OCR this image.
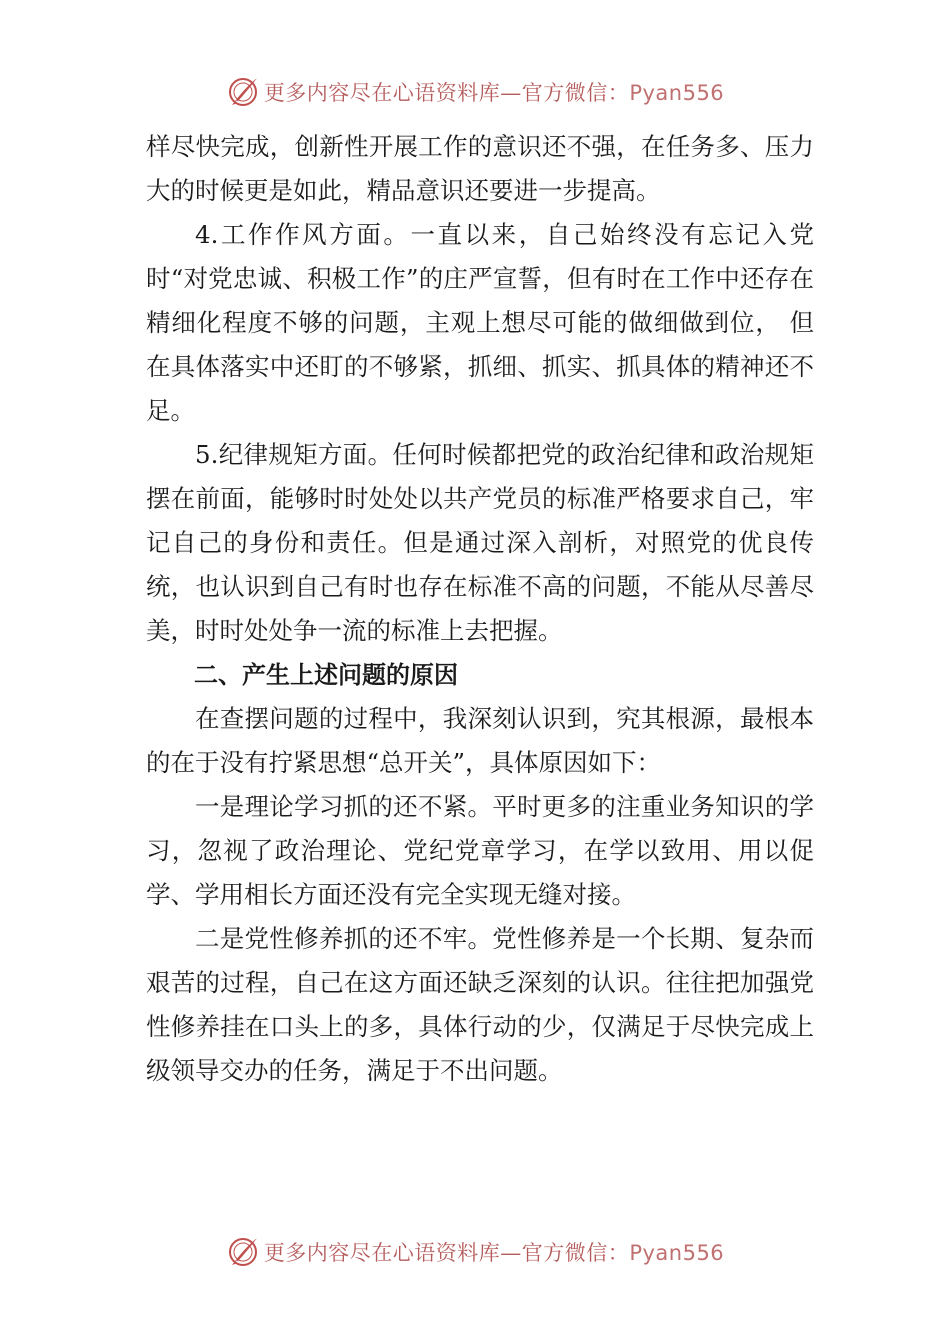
更多内容尽在心语资料库—官方微信：Pyan556

样尽快完成，创新性开展工作的意识还不强，在任务多、压力大的时候更是如此，精品意识还要进一步提高。

4.工作作风方面。一直以来，自己始终没有忘记入党时“对党忠诚、积极工作”的庄严宣誓，但有时在工作中还存在精细化程度不够的问题，主观上想尽可能的做细做到位， 但在具体落实中还盯的不够紧，抓细、抓实、抓具体的精神还不足。

5.纪律规矩方面。任何时候都把党的政治纪律和政治规矩摆在前面，能够时时处处以共产党员的标准严格要求自己，牢记自己的身份和责任。但是通过深入剖析，对照党的优良传统，也认识到自己有时也存在标准不高的问题，不能从尽善尽美，时时处处争一流的标准上去把握。

二、产生上述问题的原因

在查摆问题的过程中，我深刻认识到，究其根源，最根本的在于没有拧紧思想“总开关”，具体原因如下：

一是理论学习抓的还不紧。平时更多的注重业务知识的学习，忽视了政治理论、党纪党章学习，在学以致用、用以促学、学用相长方面还没有完全实现无缝对接。

二是党性修养抓的还不牢。党性修养是一个长期、复杂而艰苦的过程，自己在这方面还缺乏深刻的认识。往往把加强党性修养挂在口头上的多，具体行动的少，仅满足于尽快完成上级领导交办的任务，满足于不出问题。

更多内容尽在心语资料库—官方微信：Pyan556
